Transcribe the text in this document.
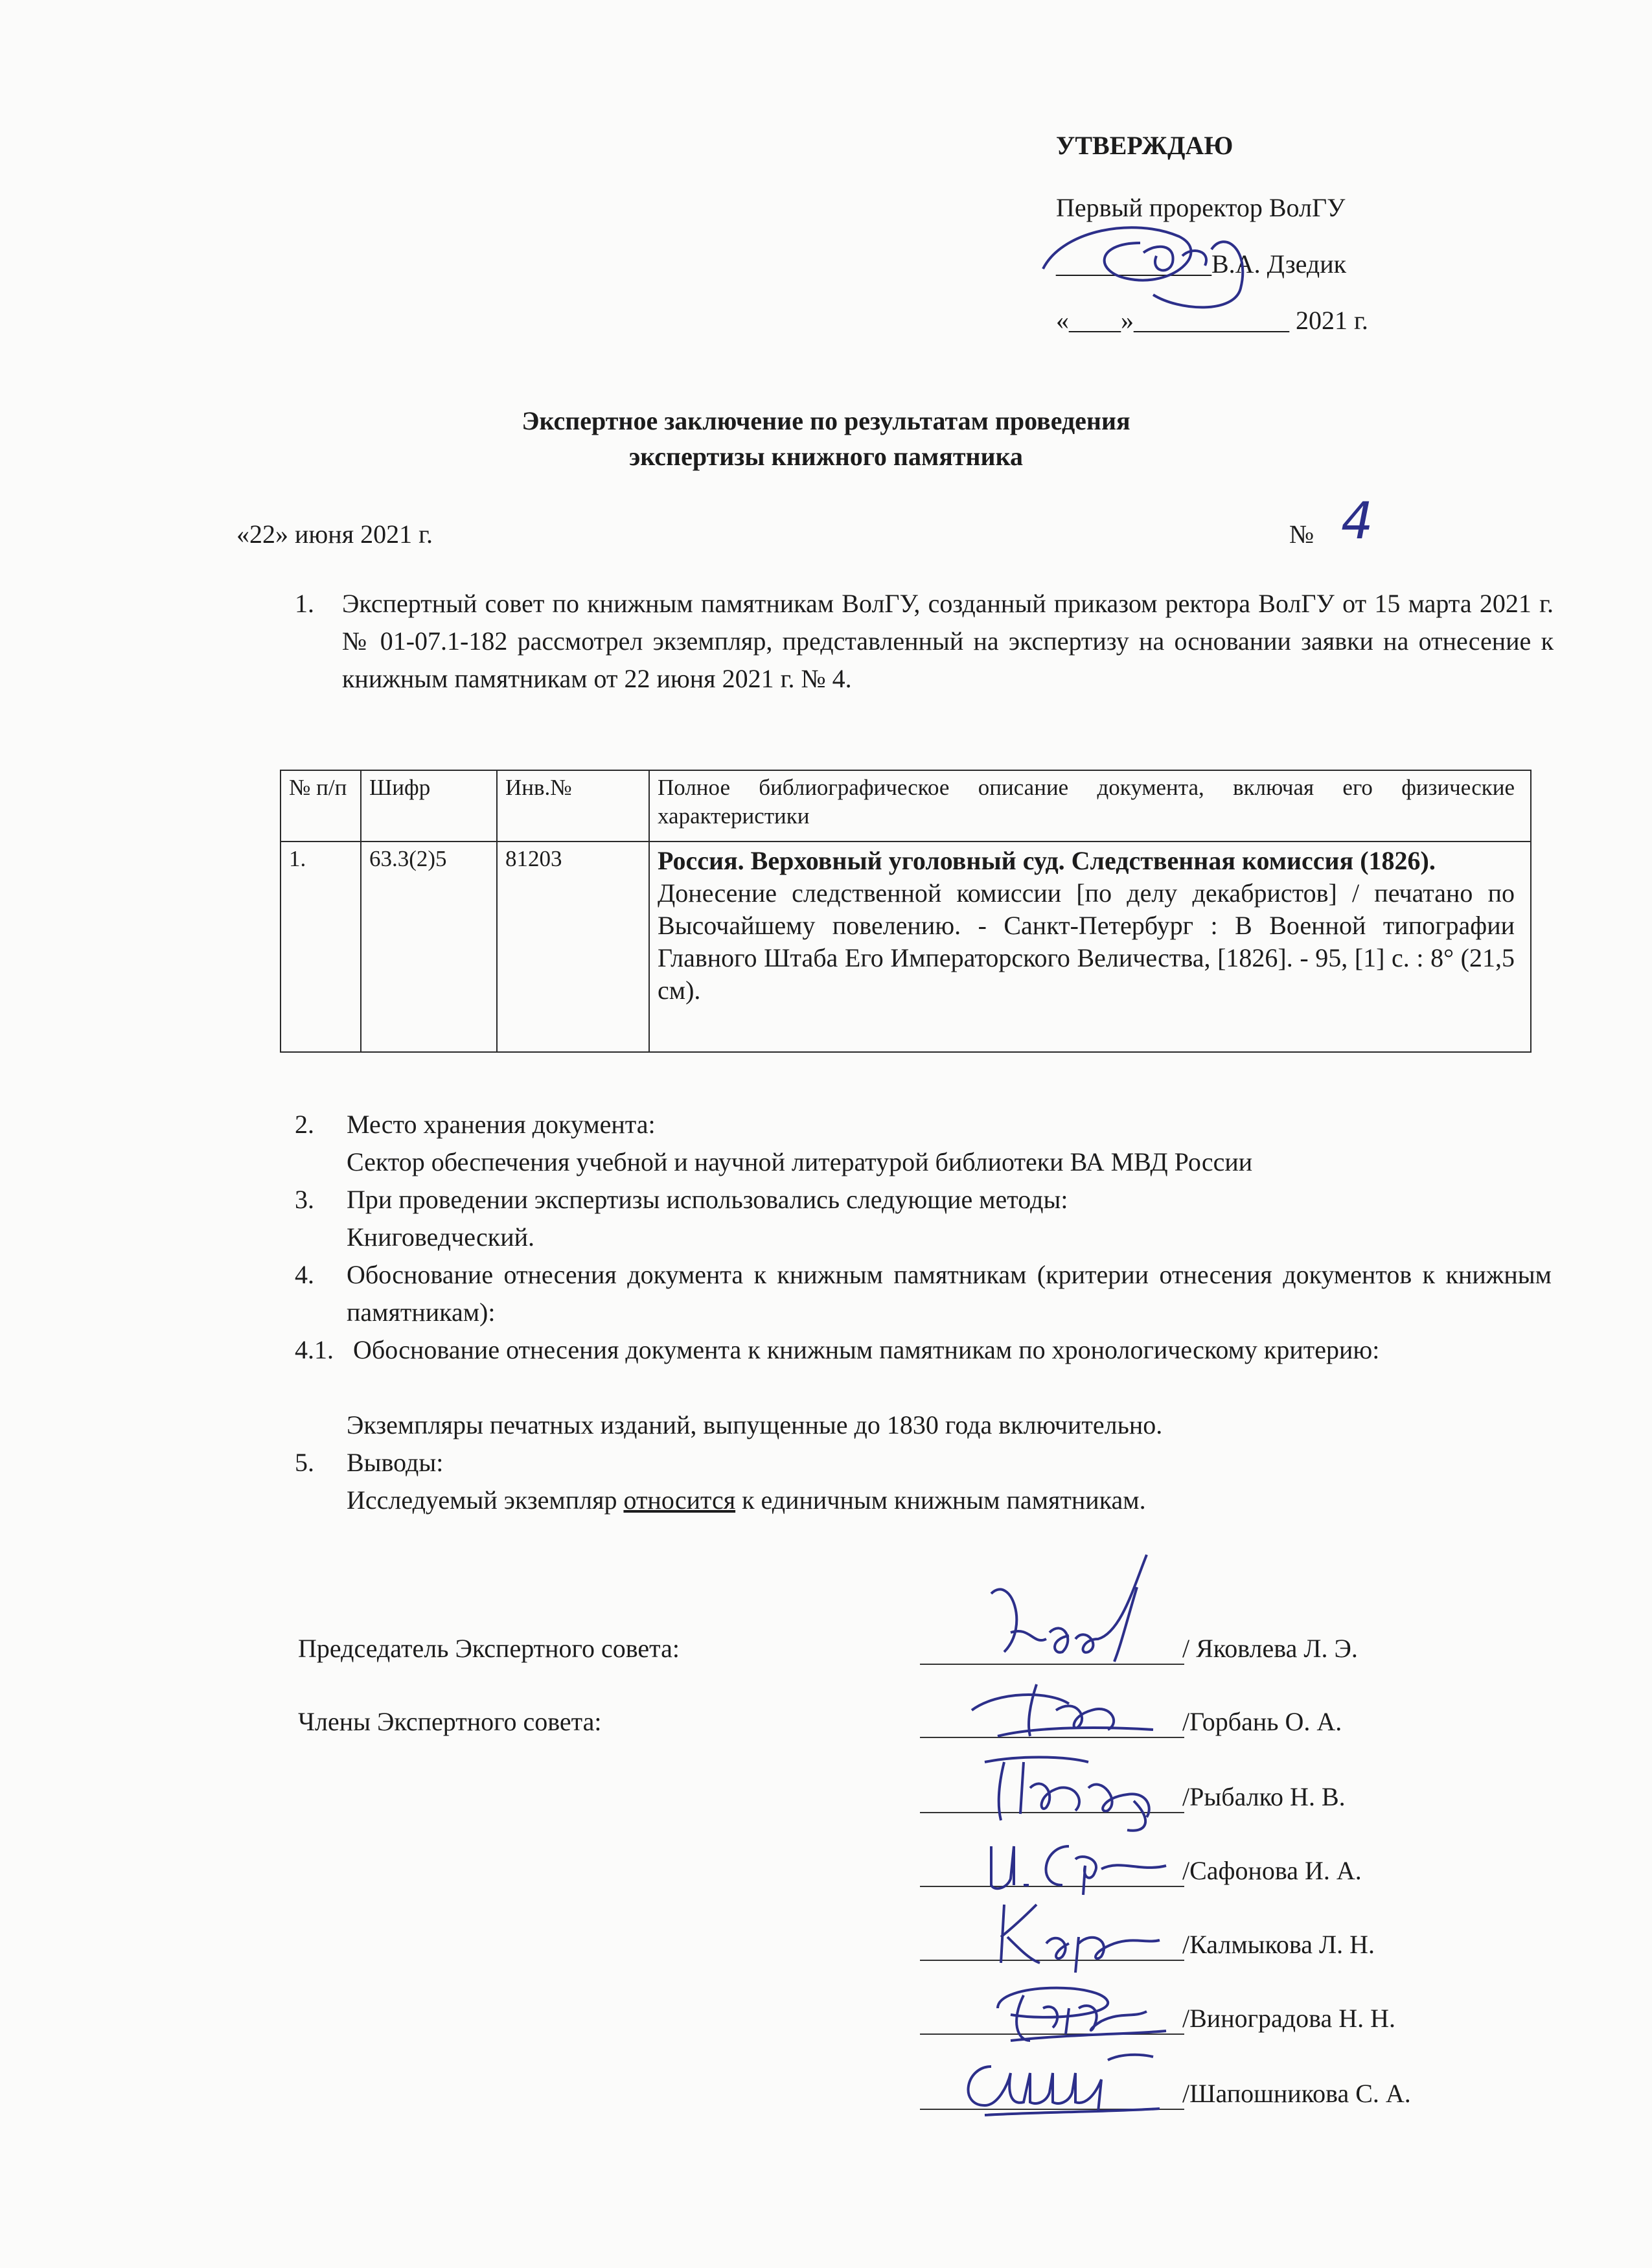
УТВЕРЖДАЮ
Первый проректор ВолГУ
____________В.А. Дзедик
«____»____________ 2021 г.
Экспертное заключение по результатам проведения
экспертизы книжного памятника
«22» июня 2021 г.	№ 4
1. Экспертный совет по книжным памятникам ВолГУ, созданный приказом ректора ВолГУ от 15 марта 2021 г. № 01-07.1-182 рассмотрел экземпляр, представленный на экспертизу на основании заявки на отнесение к книжным памятникам от 22 июня 2021 г. № 4.
№ п/п	Шифр	Инв.№	Полное библиографическое описание документа, включая его физические характеристики

1.	63.3(2)5	81203	Россия. Верховный уголовный суд. Следственная комиссия (1826).
Донесение следственной комиссии [по делу декабристов] / печатано по Высочайшему повелению. - Санкт-Петербург : В Военной типографии Главного Штаба Его Императорского Величества, [1826]. - 95, [1] с. : 8° (21,5 см).
2. Место хранения документа:
Сектор обеспечения учебной и научной литературой библиотеки ВА МВД России
3. При проведении экспертизы использовались следующие методы:
Книговедческий.
4. Обоснование отнесения документа к книжным памятникам (критерии отнесения документов к книжным памятникам):
4.1. Обоснование отнесения документа к книжным памятникам по хронологическому критерию:
Экземпляры печатных изданий, выпущенные до 1830 года включительно.
5. Выводы:
Исследуемый экземпляр относится к единичным книжным памятникам.
Председатель Экспертного совета:
Члены Экспертного совета:
/ Яковлева Л. Э.
/Горбань О. А.
/Рыбалко Н. В.
/Сафонова И. А.
/Калмыкова Л. Н.
/Виноградова Н. Н.
/Шапошникова С. А.
